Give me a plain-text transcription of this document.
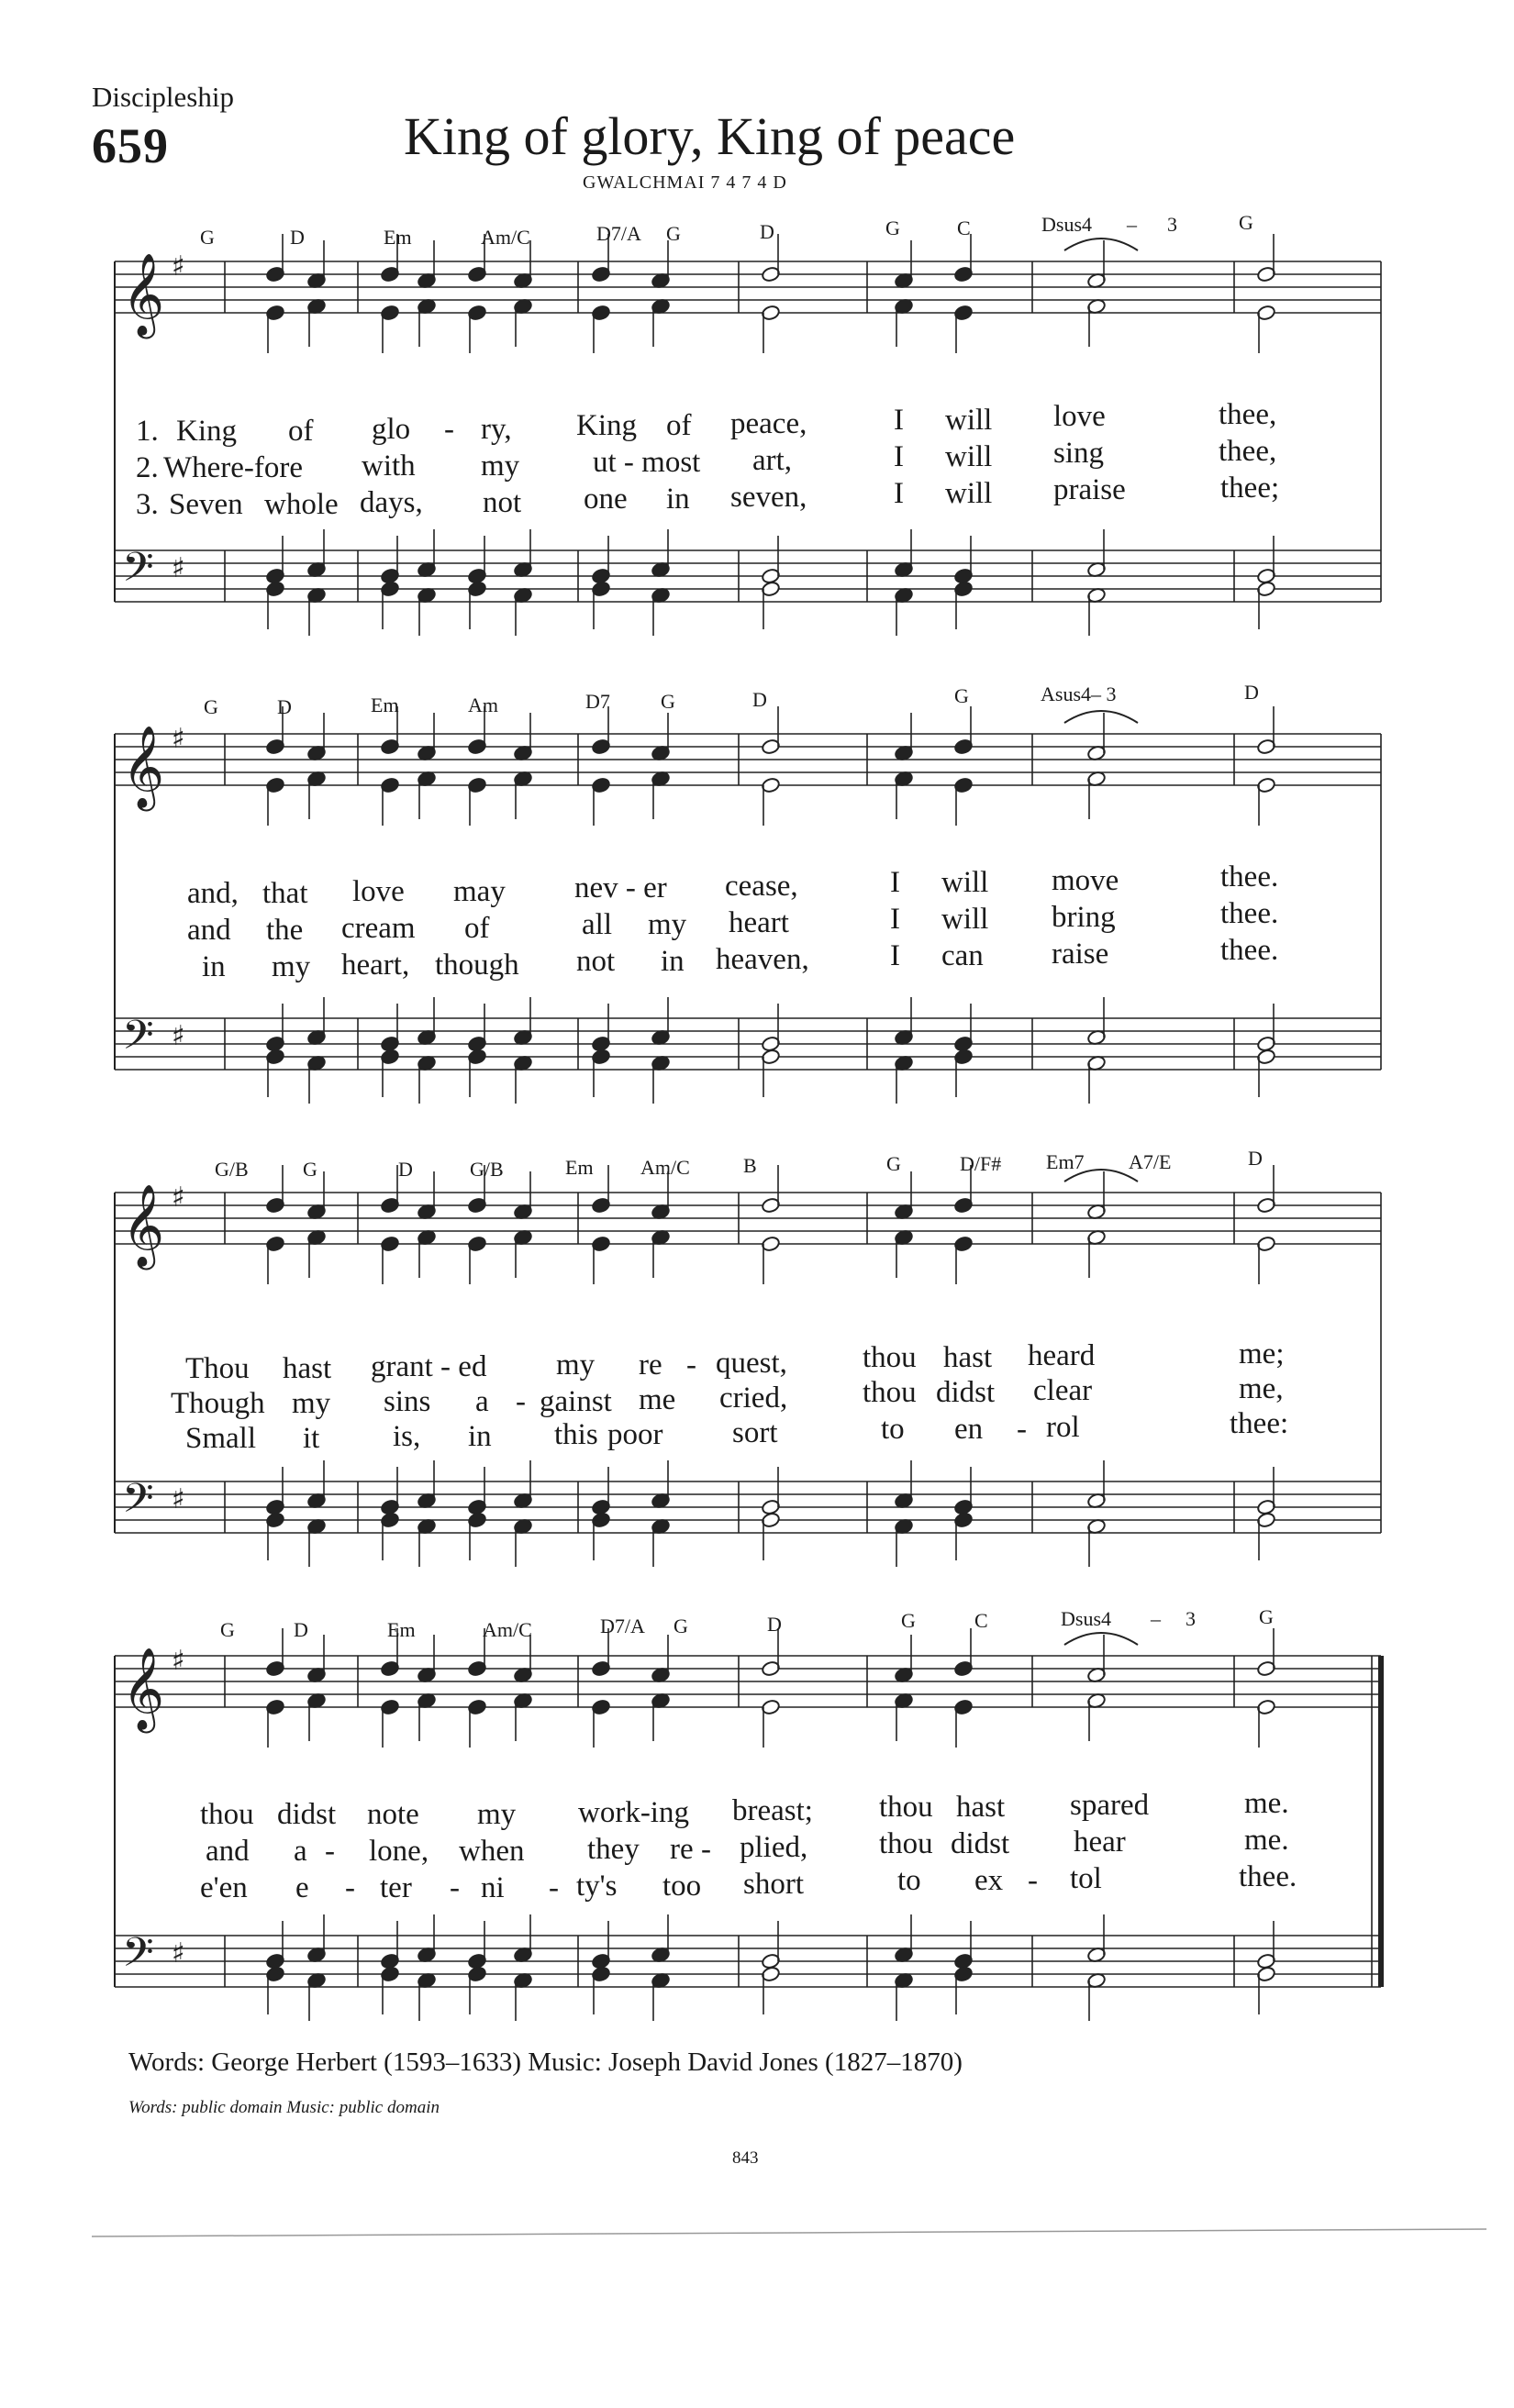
Discipleship
659	King of glory, King of peace
GWALCHMAI 7 4 7 4 D
𝄞 ♯
𝄢 ♯
𝄞 ♯
𝄢 ♯
𝄞 ♯
𝄢 ♯
𝄞 ♯
𝄢 ♯
G	D	Em	Am/C	D7/A G	D	G	C	Dsus4 – 3	G
1. King of glo - ry, King of peace,	I will love	thee,
2. Where-fore with my ut - most art,	I will sing	thee,
3. Seven whole days, not one in seven,	I will praise	thee;
G	D	Em	Am	D7	G	D	G	Asus4– 3	D
and, that love may nev - er cease,	I will move	thee.
and the cream of	all my heart	I will bring	thee.
in my heart, though not in heaven,	I can raise	thee.
G/B	G	D	G/B	Em Am/C	B	G	D/F# Em7 A7/E	D
Thou hast grant - ed my re - quest, thou hast heard	me;
Though my sins a - gainst me cried, thou didst clear	me,
Small it is, in this poor sort	to en - rol	thee:
G	D	Em	Am/C	D7/A G	D	G	C	Dsus4 – 3	G
thou didst note my work-ing breast; thou hast spared	me.
and a - lone, when they re - plied, thou didst hear	me.
e'en e - ter - ni - ty's too short	to ex - tol	thee.
Words: George Herbert (1593–1633) Music: Joseph David Jones (1827–1870)
Words: public domain Music: public domain
843
